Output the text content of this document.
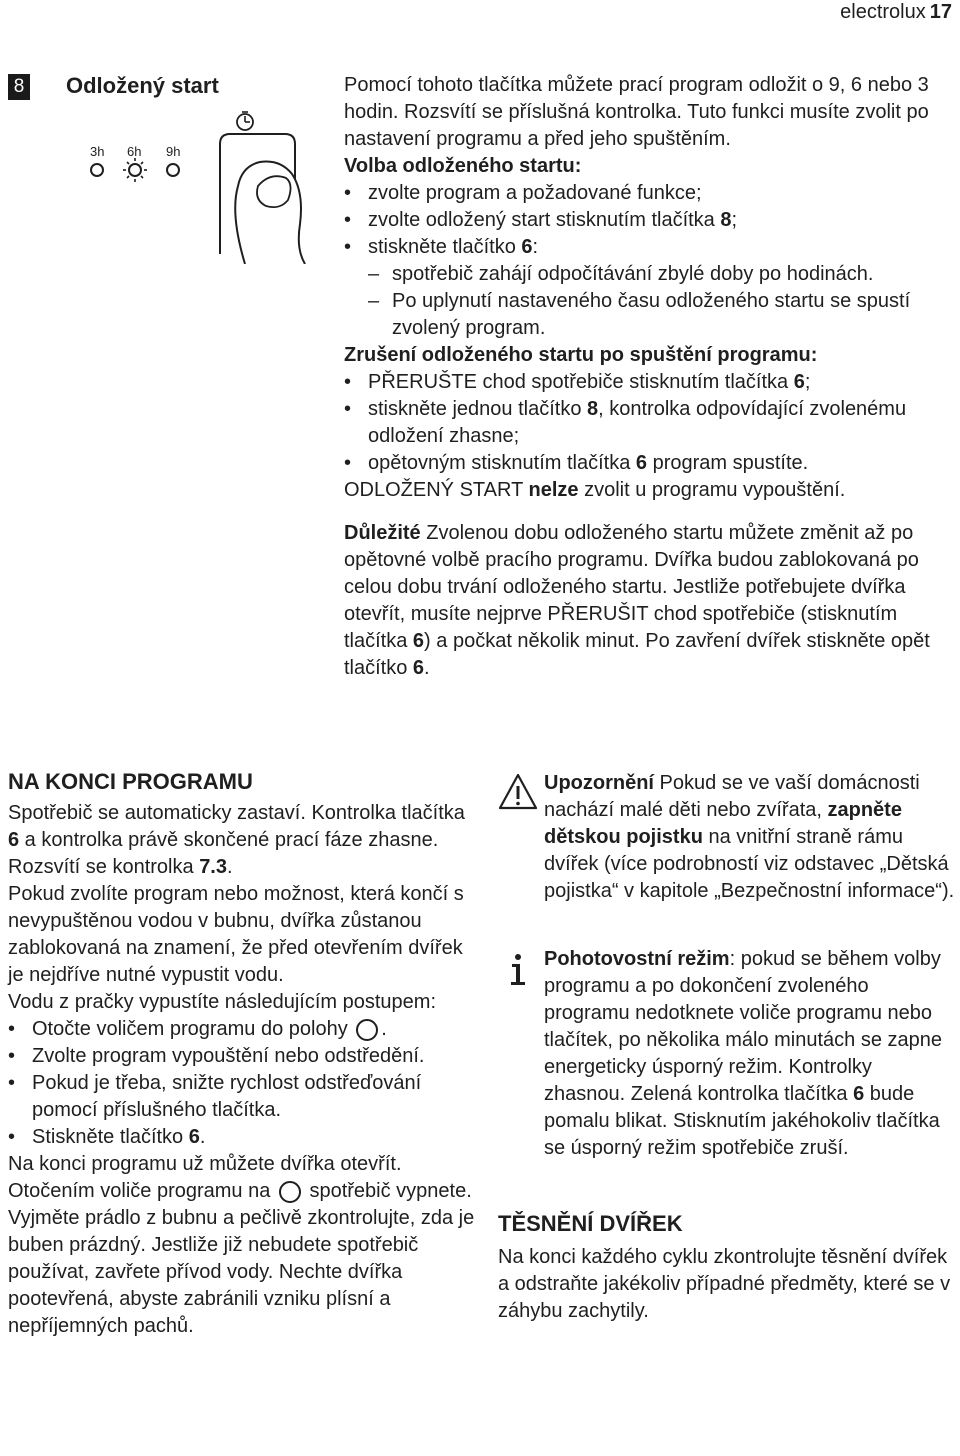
electrolux 17
8 Odložený start
3h 6h 9h

Pomocí tohoto tlačítka můžete prací program odložit o 9, 6 nebo 3 hodin. Rozsvítí se příslušná kontrolka. Tuto funkci musíte zvolit po nastavení programu a před jeho spuštěním.

Volba odloženého startu:

• zvolte program a požadované funkce;
• zvolte odložený start stisknutím tlačítka 8;
• stiskněte tlačítko 6:
– spotřebič zahájí odpočítávání zbylé doby po hodinách.
– Po uplynutí nastaveného času odloženého startu se spustí zvolený program.

Zrušení odloženého startu po spuštění programu:

• PŘERUŠTE chod spotřebiče stisknutím tlačítka 6;
• stiskněte jednou tlačítko 8, kontrolka odpovídající zvolenému odložení zhasne;
• opětovným stisknutím tlačítka 6 program spustíte.

ODLOŽENÝ START nelze zvolit u programu vypouštění.

Důležité Zvolenou dobu odloženého startu můžete změnit až po opětovné volbě pracího programu. Dvířka budou zablokovaná po celou dobu trvání odloženého startu. Jestliže potřebujete dvířka otevřít, musíte nejprve PŘERUŠIT chod spotřebiče (stisknutím tlačítka 6) a počkat několik minut. Po zavření dvířek stiskněte opět tlačítko 6.

NA KONCI PROGRAMU

Spotřebič se automaticky zastaví. Kontrolka tlačítka 6 a kontrolka právě skončené prací fáze zhasne. Rozsvítí se kontrolka 7.3.

Pokud zvolíte program nebo možnost, která končí s nevypuštěnou vodou v bubnu, dvířka zůstanou zablokovaná na znamení, že před otevřením dvířek je nejdříve nutné vypustit vodu.

Vodu z pračky vypustíte následujícím postupem:

• Otočte voličem programu do polohy .
• Zvolte program vypouštění nebo odstředění.
• Pokud je třeba, snižte rychlost odstřeďování pomocí příslušného tlačítka.
• Stiskněte tlačítko 6.

Na konci programu už můžete dvířka otevřít. Otočením voliče programu na  spotřebič vypnete.

Vyjměte prádlo z bubnu a pečlivě zkontrolujte, zda je buben prázdný. Jestliže již nebudete spotřebič používat, zavřete přívod vody. Nechte dvířka pootevřená, abyste zabránili vzniku plísní a nepříjemných pachů.

Upozornění Pokud se ve vaší domácnosti nachází malé děti nebo zvířata, zapněte dětskou pojistku na vnitřní straně rámu dvířek (více podrobností viz odstavec „Dětská pojistka“ v kapitole „Bezpečnostní informace“).

Pohotovostní režim: pokud se během volby programu a po dokončení zvoleného programu nedotknete voliče programu nebo tlačítek, po několika málo minutách se zapne energeticky úsporný režim. Kontrolky zhasnou. Zelená kontrolka tlačítka 6 bude pomalu blikat. Stisknutím jakéhokoliv tlačítka se úsporný režim spotřebiče zruší.

TĚSNĚNÍ DVÍŘEK

Na konci každého cyklu zkontrolujte těsnění dvířek a odstraňte jakékoliv případné předměty, které se v záhybu zachytily.
